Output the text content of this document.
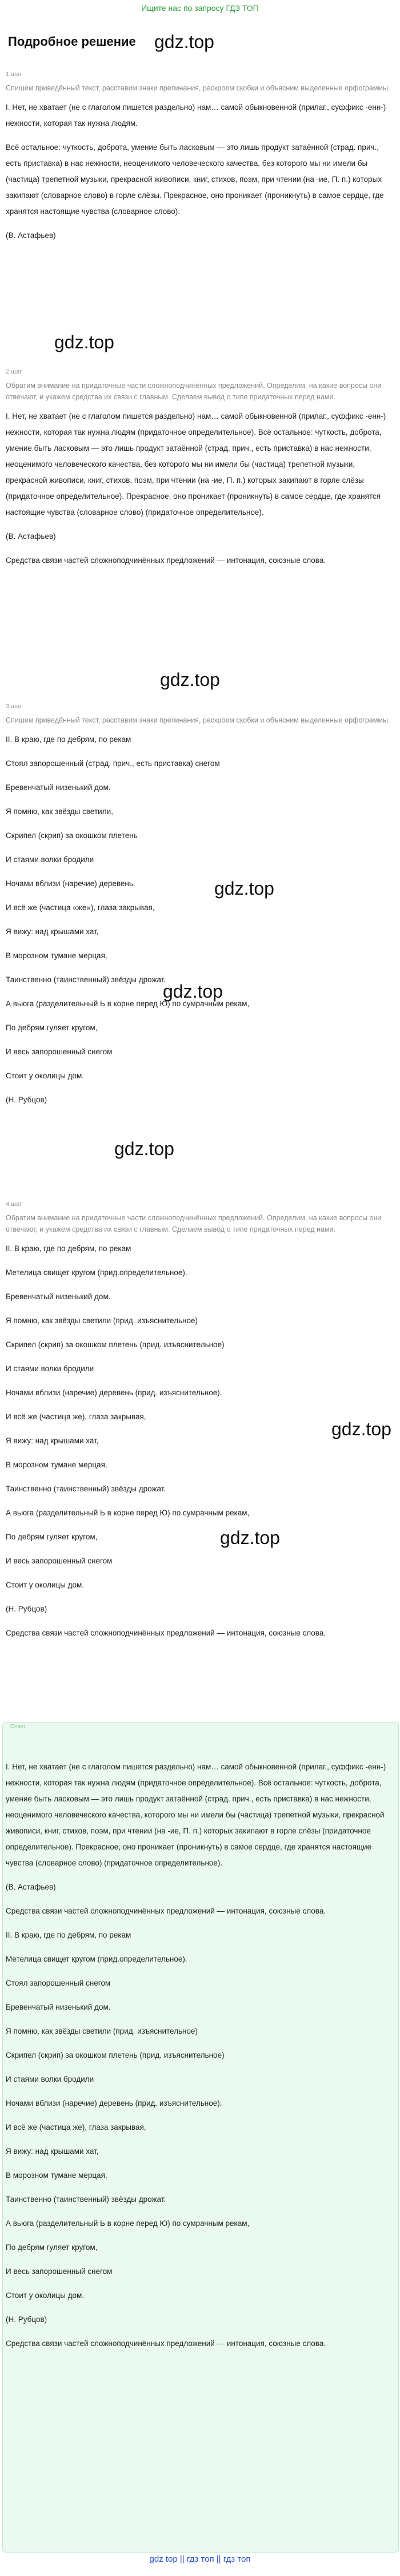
Ищите нас по запросу ГДЗ ТОП
Подробное решение gdz.top
gdz.top
gdz.top
gdz.top
gdz.top
gdz.top
gdz.top
gdz.top
Ответ
1 шаг
Спишем приведённый текст, расставим знаки препинания, раскроем скобки и объясним выделенные орфограммы.

I. Нет, не хватает (не с глаголом пишется раздельно) нам… самой обыкновенной (прилаг., суффикс -енн-) нежности, которая так нужна людям.

Всё остальное: чуткость, доброта, умение быть ласковым — это лишь продукт затаённой (страд. прич., есть приставка) в нас нежности, неоценимого человеческого качества, без которого мы ни имели бы (частица) трепетной музыки, прекрасной живописи, книг, стихов, поэм, при чтении (на -ие, П. п.) которых закипают (словарное слово) в горле слёзы. Прекрасное, оно проникает (проникнуть) в самое сердце, где хранятся настоящие чувства (словарное слово).

(В. Астафьев)

2 шаг
Обратим внимание на придаточные части сложноподчинённых предложений. Определим, на какие вопросы они отвечают, и укажем средства их связи с главным. Сделаем вывод о типе придаточных перед нами.

I. Нет, не хватает (не с глаголом пишется раздельно) нам… самой обыкновенной (прилаг., суффикс -енн-) нежности, которая так нужна людям (придаточное определительное). Всё остальное: чуткость, доброта, умение быть ласковым — это лишь продукт затаённой (страд. прич., есть приставка) в нас нежности, неоценимого человеческого качества, без которого мы ни имели бы (частица) трепетной музыки, прекрасной живописи, книг, стихов, поэм, при чтении (на -ие, П. п.) которых закипают в горле слёзы (придаточное определительное). Прекрасное, оно проникает (проникнуть) в самое сердце, где хранятся настоящие чувства (словарное слово) (придаточное определительное).

(В. Астафьев)

Средства связи частей сложноподчинённых предложений — интонация, союзные слова.

3 шаг
Спишем приведённый текст, расставим знаки препинания, раскроем скобки и объясним выделенные орфограммы.

II. В краю, где по дебрям, по рекам

Стоял запорошенный (страд. прич., есть приставка) снегом

Бревенчатый низенький дом.

Я помню, как звёзды светили,

Скрипел (скрип) за окошком плетень

И стаями волки бродили

Ночами вблизи (наречие) деревень.

И всё же (частица «же»), глаза закрывая,

Я вижу: над крышами хат,

В морозном тумане мерцая,

Таинственно (таинственный) звёзды дрожат.

А вьюга (разделительный Ь в корне перед Ю) по сумрачным рекам,

По дебрям гуляет кругом,

И весь запорошенный снегом

Стоит у околицы дом.

(Н. Рубцов)

4 шаг
Обратим внимание на придаточные части сложноподчинённых предложений. Определим, на какие вопросы они отвечают, и укажем средства их связи с главным. Сделаем вывод о типе придаточных перед нами.

II. В краю, где по дебрям, по рекам

Метелица свищет кругом (прид.определительное).

Бревенчатый низенький дом.

Я помню, как звёзды светили (прид. изъяснительное)

Скрипел (скрип) за окошком плетень (прид. изъяснительное)

И стаями волки бродили

Ночами вблизи (наречие) деревень (прид. изъяснительное).

И всё же (частица же), глаза закрывая,

Я вижу: над крышами хат,

В морозном тумане мерцая,

Таинственно (таинственный) звёзды дрожат.

А вьюга (разделительный Ь в корне перед Ю) по сумрачным рекам,

По дебрям гуляет кругом,

И весь запорошенный снегом

Стоит у околицы дом.

(Н. Рубцов)

Средства связи частей сложноподчинённых предложений — интонация, союзные слова.

I. Нет, не хватает (не с глаголом пишется раздельно) нам… самой обыкновенной (прилаг., суффикс -енн-) нежности, которая так нужна людям (придаточное определительное). Всё остальное: чуткость, доброта, умение быть ласковым — это лишь продукт затаённой (страд. прич., есть приставка) в нас нежности, неоценимого человеческого качества, которого мы ни имели бы (частица) трепетной музыки, прекрасной живописи, книг, стихов, поэм, при чтении (на -ие, П. п.) которых закипают в горле слёзы (придаточное определительное). Прекрасное, оно проникает (проникнуть) в самое сердце, где хранятся настоящие чувства (словарное слово) (придаточное определительное).

(В. Астафьев)

Средства связи частей сложноподчинённых предложений — интонация, союзные слова.

II. В краю, где по дебрям, по рекам

Метелица свищет кругом (прид.определительное).

Стоял запорошенный снегом

Бревенчатый низенький дом.

Я помню, как звёзды светили (прид. изъяснительное)

Скрипел (скрип) за окошком плетень (прид. изъяснительное)

И стаями волки бродили

Ночами вблизи (наречие) деревень (прид. изъяснительное).

И всё же (частица же), глаза закрывая,

Я вижу: над крышами хат,

В морозном тумане мерцая,

Таинственно (таинственный) звёзды дрожат.

А вьюга (разделительный Ь в корне перед Ю) по сумрачным рекам,

По дебрям гуляет кругом,

И весь запорошенный снегом

Стоит у околицы дом.

(Н. Рубцов)

Средства связи частей сложноподчинённых предложений — интонация, союзные слова.

gdz top || гдз топ || гдз топ
